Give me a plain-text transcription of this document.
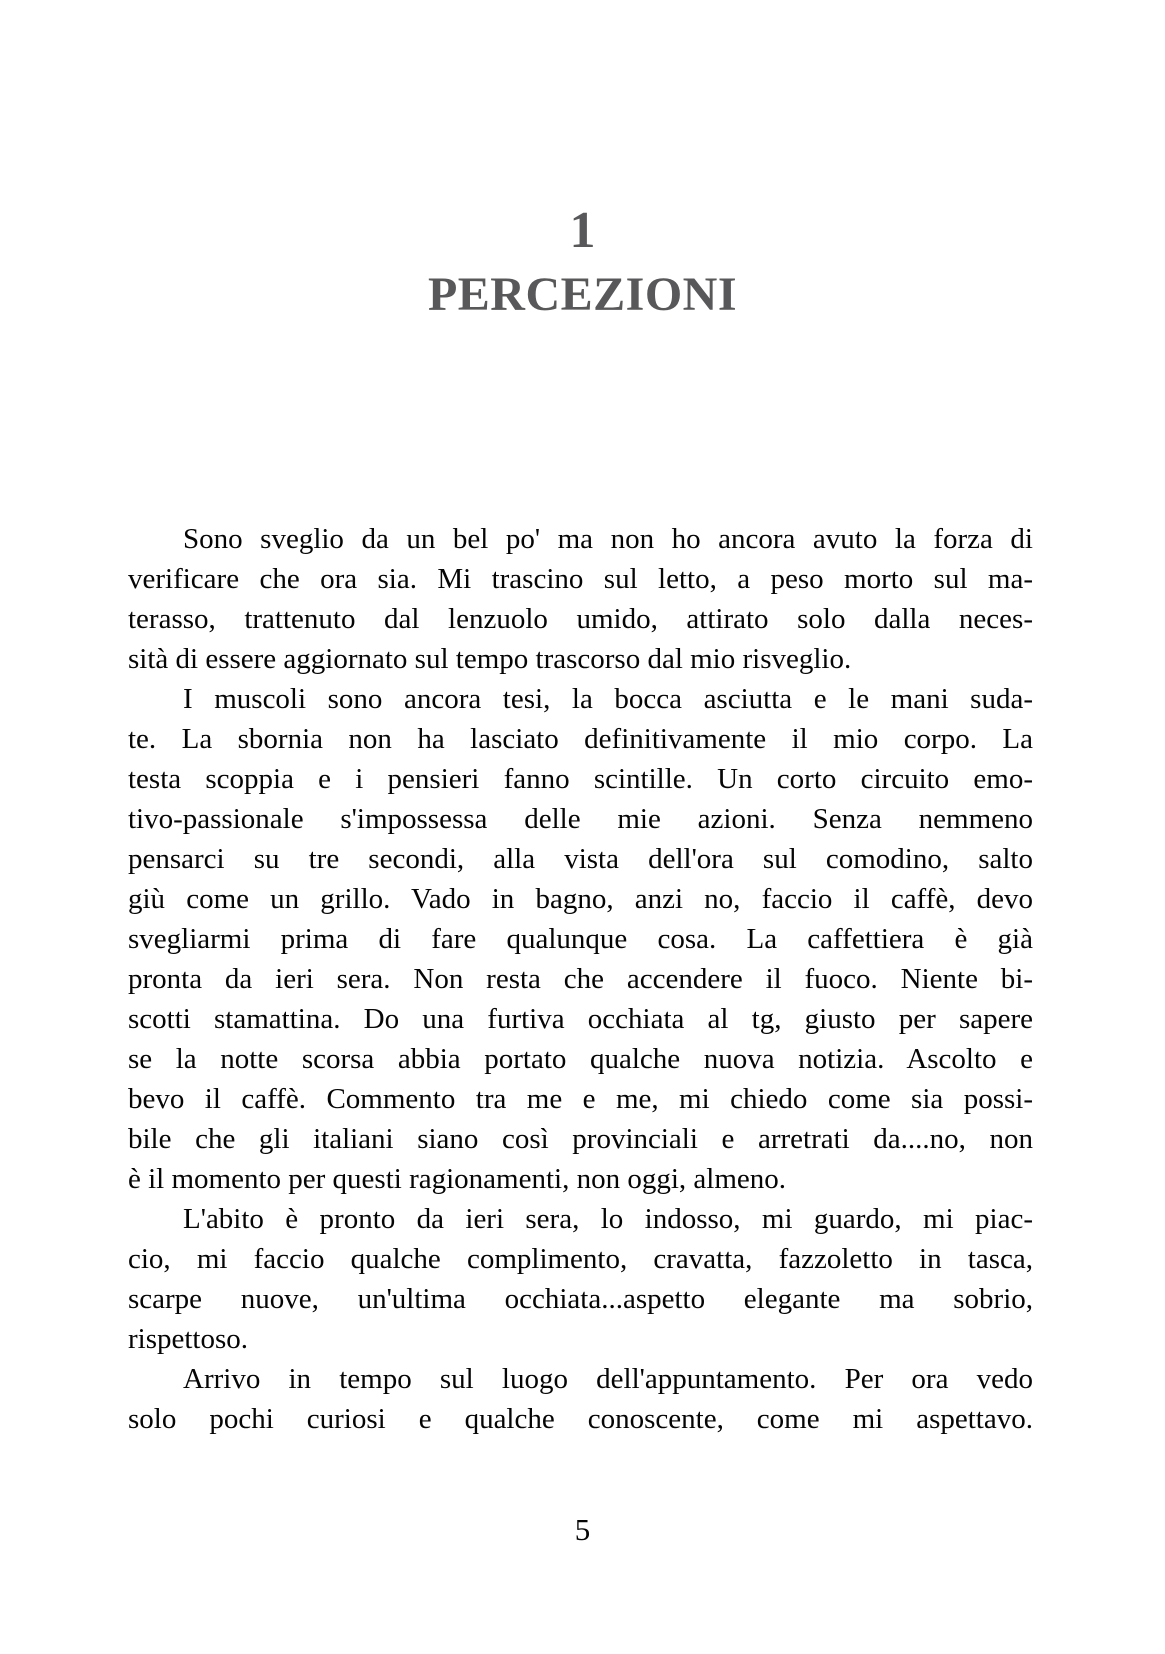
1
PERCEZIONI
Sono sveglio da un bel po' ma non ho ancora avuto la forza di
verificare che ora sia. Mi trascino sul letto, a peso morto sul ma-
terasso, trattenuto dal lenzuolo umido, attirato solo dalla neces-
sità di essere aggiornato sul tempo trascorso dal mio risveglio.
I muscoli sono ancora tesi, la bocca asciutta e le mani suda-
te. La sbornia non ha lasciato definitivamente il mio corpo. La
testa scoppia e i pensieri fanno scintille. Un corto circuito emo-
tivo-passionale s'impossessa delle mie azioni. Senza nemmeno
pensarci su tre secondi, alla vista dell'ora sul comodino, salto
giù come un grillo. Vado in bagno, anzi no, faccio il caffè, devo
svegliarmi prima di fare qualunque cosa. La caffettiera è già
pronta da ieri sera. Non resta che accendere il fuoco. Niente bi-
scotti stamattina. Do una furtiva occhiata al tg, giusto per sapere
se la notte scorsa abbia portato qualche nuova notizia. Ascolto e
bevo il caffè. Commento tra me e me, mi chiedo come sia possi-
bile che gli italiani siano così provinciali e arretrati da....no, non
è il momento per questi ragionamenti, non oggi, almeno.
L'abito è pronto da ieri sera, lo indosso, mi guardo, mi piac-
cio, mi faccio qualche complimento, cravatta, fazzoletto in tasca,
scarpe nuove, un'ultima occhiata...aspetto elegante ma sobrio,
rispettoso.
Arrivo in tempo sul luogo dell'appuntamento. Per ora vedo
solo pochi curiosi e qualche conoscente, come mi aspettavo.
5
